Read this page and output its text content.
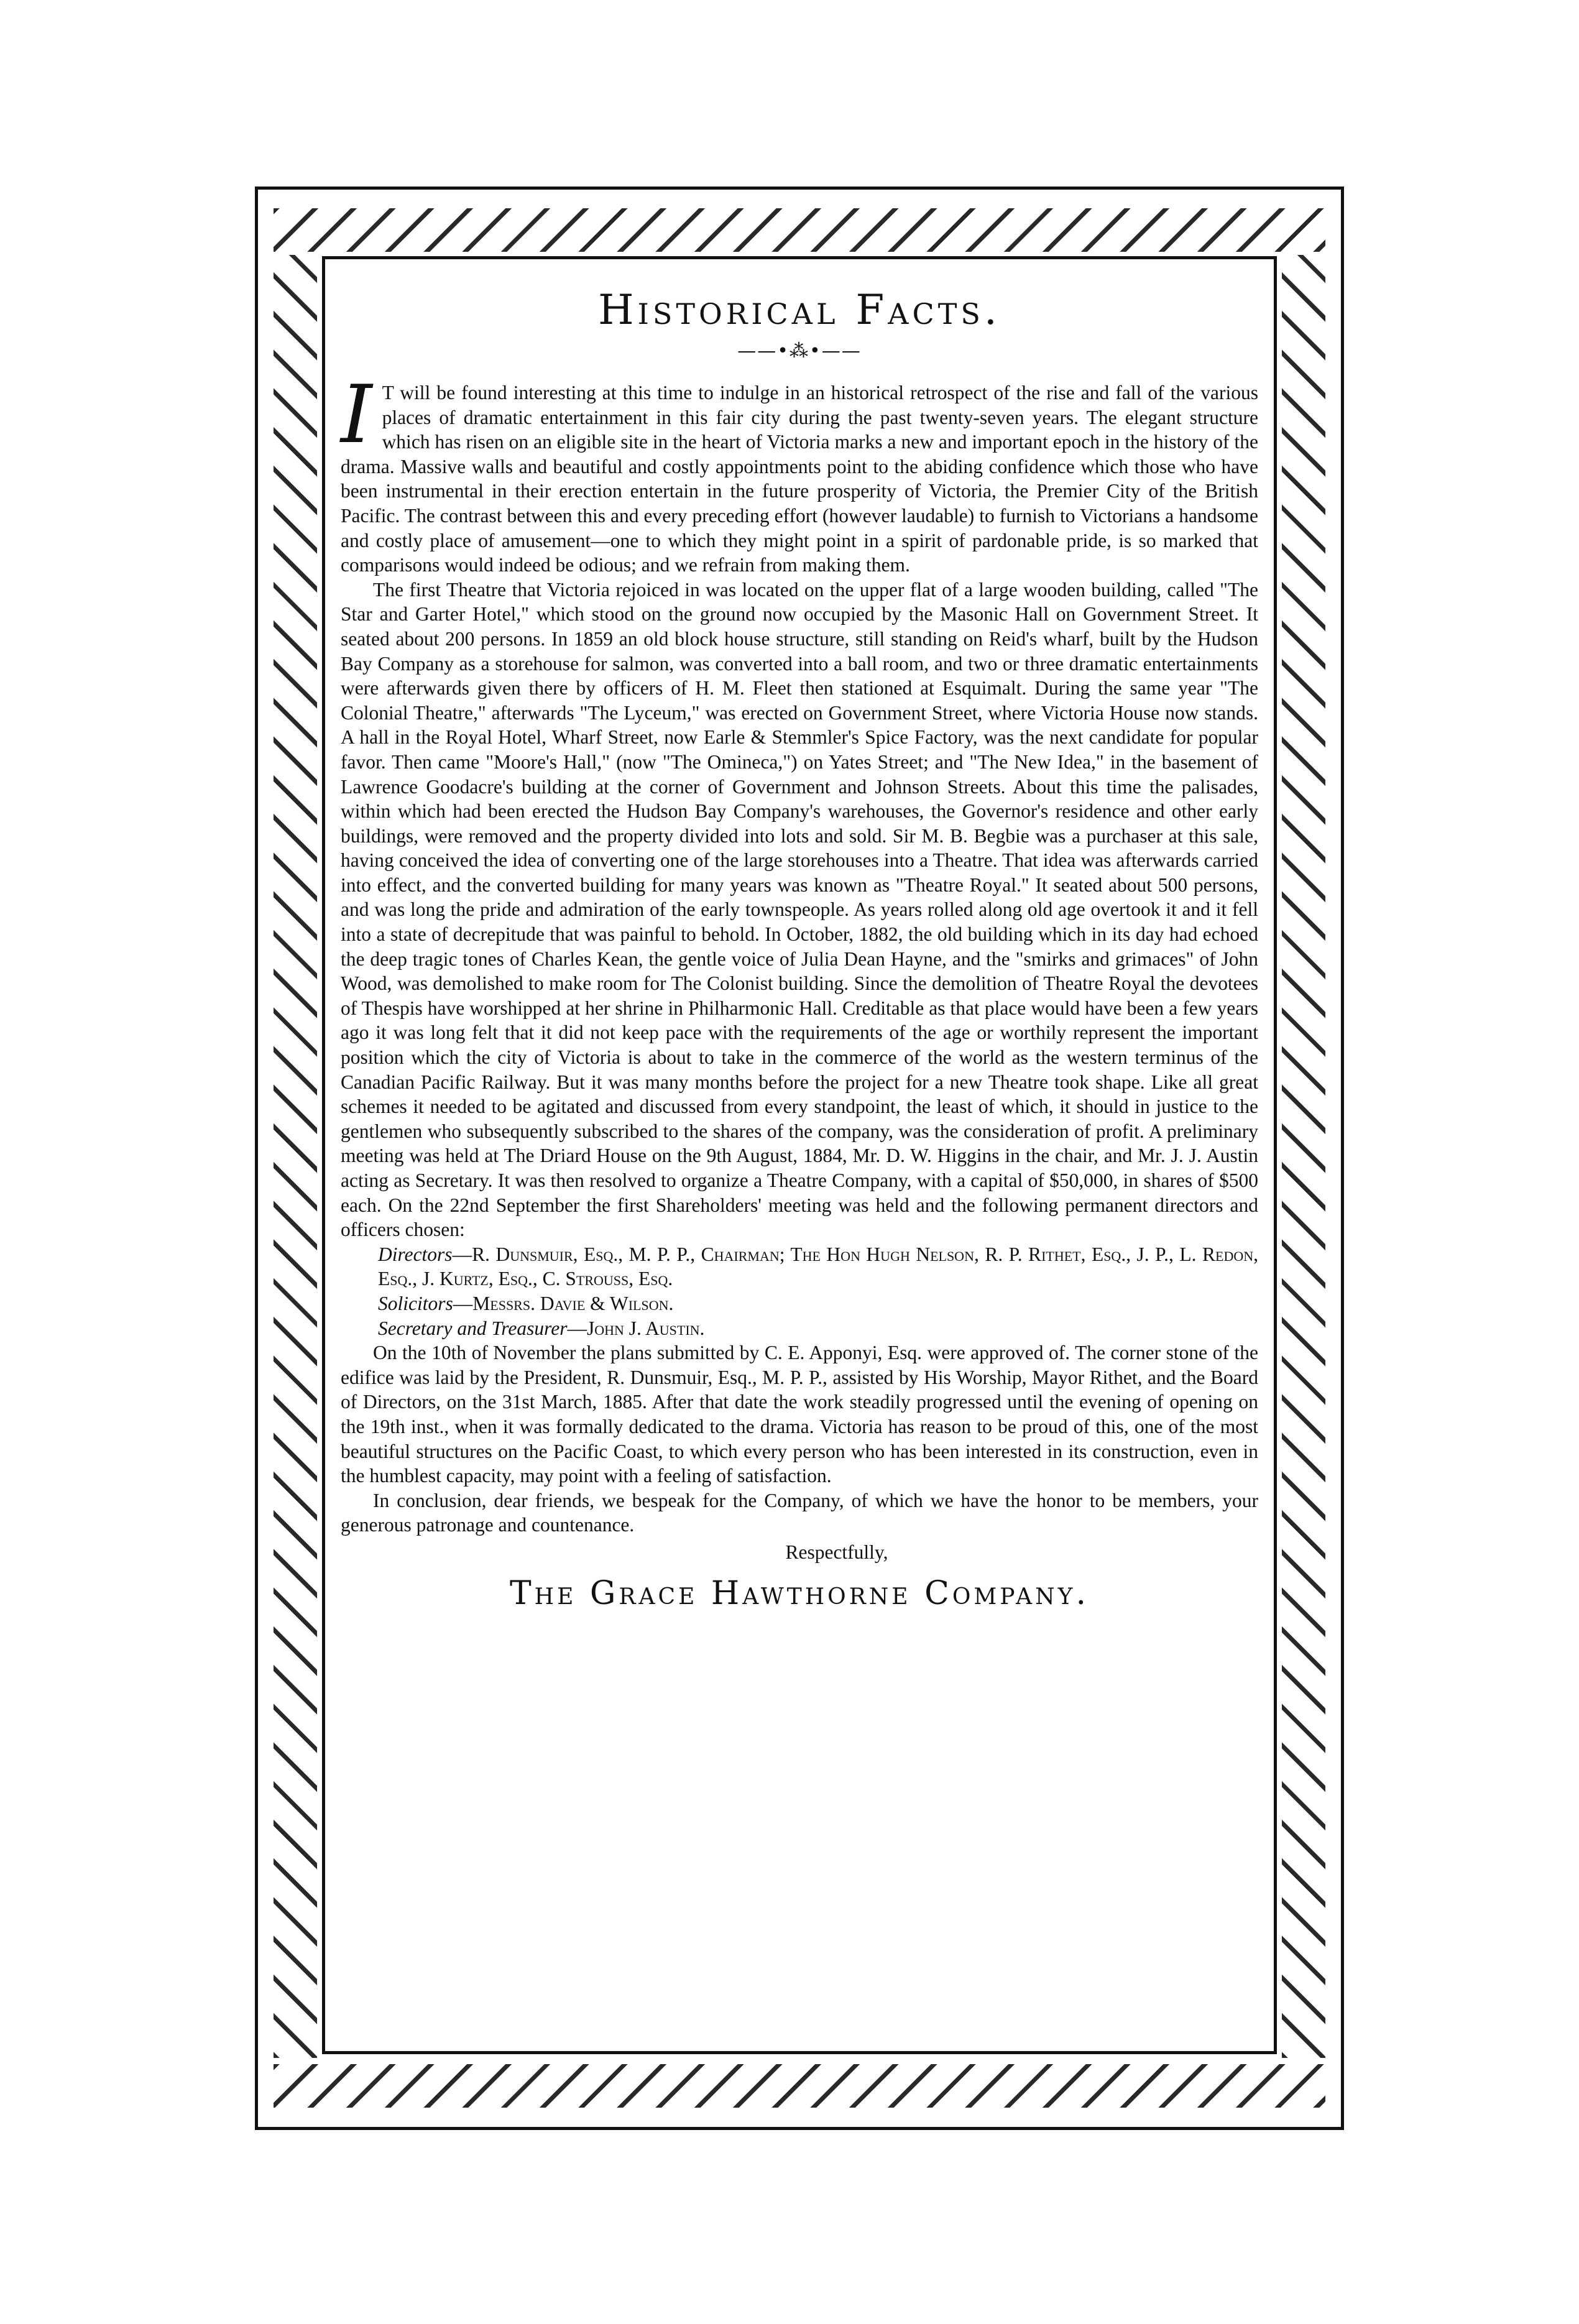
Historical Facts.
——•⁂•——

I T will be found interesting at this time to indulge in an historical retrospect of the rise and fall of the various places of dramatic entertainment in this fair city during the past twenty-seven years. The elegant structure which has risen on an eligible site in the heart of Victoria marks a new and important epoch in the history of the drama. Massive walls and beautiful and costly appointments point to the abiding confidence which those who have been instrumental in their erection entertain in the future prosperity of Victoria, the Premier City of the British Pacific. The contrast between this and every preceding effort (however laudable) to furnish to Victorians a handsome and costly place of amusement—one to which they might point in a spirit of pardonable pride, is so marked that comparisons would indeed be odious; and we refrain from making them.

The first Theatre that Victoria rejoiced in was located on the upper flat of a large wooden building, called "The Star and Garter Hotel," which stood on the ground now occupied by the Masonic Hall on Government Street. It seated about 200 persons. In 1859 an old block house structure, still standing on Reid's wharf, built by the Hudson Bay Company as a storehouse for salmon, was converted into a ball room, and two or three dramatic entertainments were afterwards given there by officers of H. M. Fleet then stationed at Esquimalt. During the same year "The Colonial Theatre," afterwards "The Lyceum," was erected on Government Street, where Victoria House now stands. A hall in the Royal Hotel, Wharf Street, now Earle & Stemmler's Spice Factory, was the next candidate for popular favor. Then came "Moore's Hall," (now "The Omineca,") on Yates Street; and "The New Idea," in the basement of Lawrence Goodacre's building at the corner of Government and Johnson Streets. About this time the palisades, within which had been erected the Hudson Bay Company's warehouses, the Governor's residence and other early buildings, were removed and the property divided into lots and sold. Sir M. B. Begbie was a purchaser at this sale, having conceived the idea of converting one of the large storehouses into a Theatre. That idea was afterwards carried into effect, and the converted building for many years was known as "Theatre Royal." It seated about 500 persons, and was long the pride and admiration of the early townspeople. As years rolled along old age overtook it and it fell into a state of decrepitude that was painful to behold. In October, 1882, the old building which in its day had echoed the deep tragic tones of Charles Kean, the gentle voice of Julia Dean Hayne, and the "smirks and grimaces" of John Wood, was demolished to make room for The Colonist building. Since the demolition of Theatre Royal the devotees of Thespis have worshipped at her shrine in Philharmonic Hall. Creditable as that place would have been a few years ago it was long felt that it did not keep pace with the requirements of the age or worthily represent the important position which the city of Victoria is about to take in the commerce of the world as the western terminus of the Canadian Pacific Railway. But it was many months before the project for a new Theatre took shape. Like all great schemes it needed to be agitated and discussed from every standpoint, the least of which, it should in justice to the gentlemen who subsequently subscribed to the shares of the company, was the consideration of profit. A preliminary meeting was held at The Driard House on the 9th August, 1884, Mr. D. W. Higgins in the chair, and Mr. J. J. Austin acting as Secretary. It was then resolved to organize a Theatre Company, with a capital of $50,000, in shares of $500 each. On the 22nd September the first Shareholders' meeting was held and the following permanent directors and officers chosen:

Directors—R. Dunsmuir, Esq., M. P. P., Chairman; The Hon Hugh Nelson, R. P. Rithet, Esq., J. P., L. Redon, Esq., J. Kurtz, Esq., C. Strouss, Esq.

Solicitors—Messrs. Davie & Wilson.

Secretary and Treasurer—John J. Austin.

On the 10th of November the plans submitted by C. E. Apponyi, Esq. were approved of. The corner stone of the edifice was laid by the President, R. Dunsmuir, Esq., M. P. P., assisted by His Worship, Mayor Rithet, and the Board of Directors, on the 31st March, 1885. After that date the work steadily progressed until the evening of opening on the 19th inst., when it was formally dedicated to the drama. Victoria has reason to be proud of this, one of the most beautiful structures on the Pacific Coast, to which every person who has been interested in its construction, even in the humblest capacity, may point with a feeling of satisfaction.

In conclusion, dear friends, we bespeak for the Company, of which we have the honor to be members, your generous patronage and countenance.

Respectfully,
The Grace Hawthorne Company.
